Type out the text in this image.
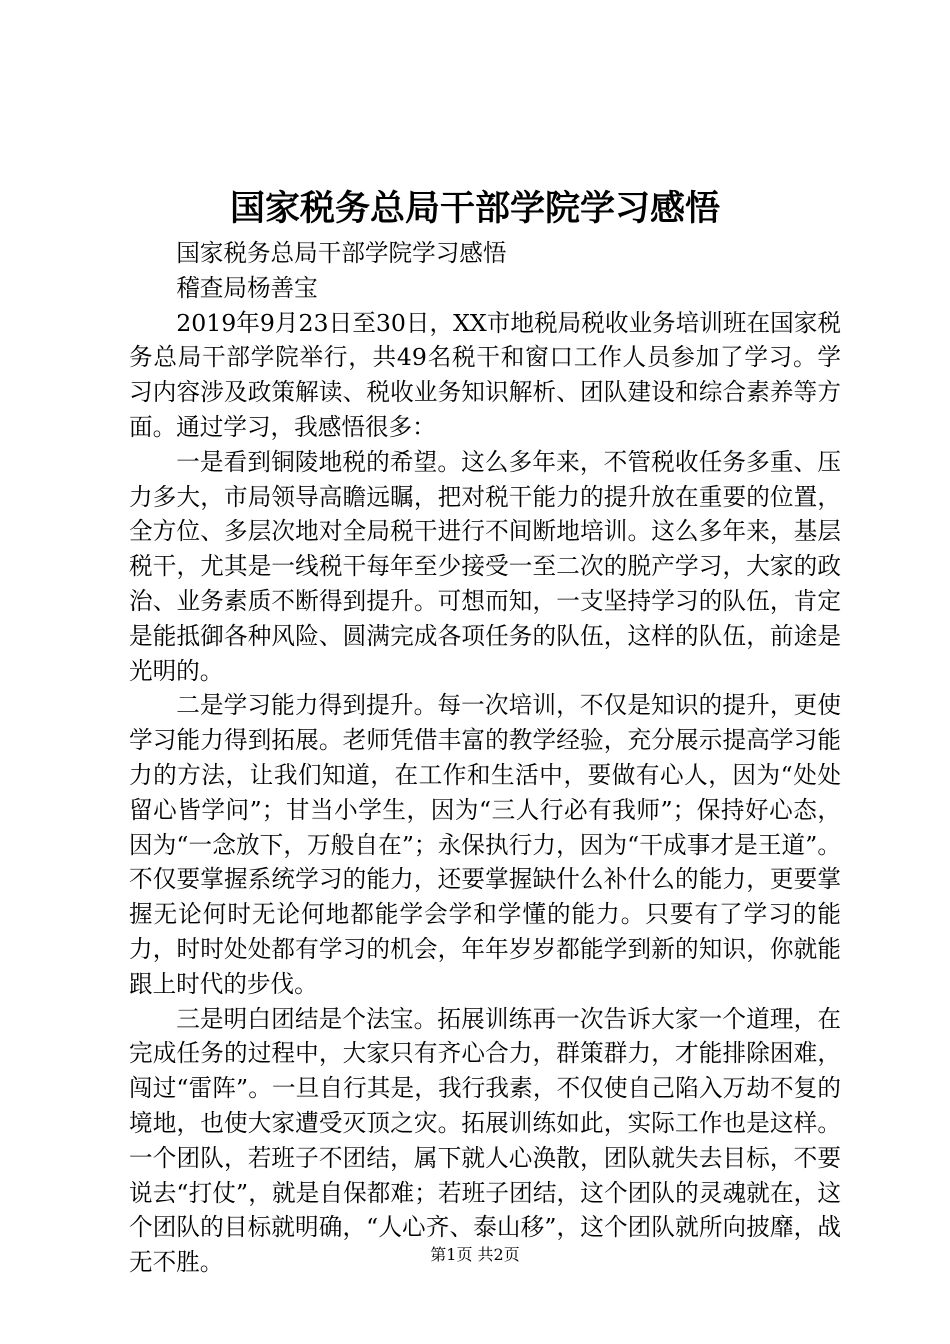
国家税务总局干部学院学习感悟

国家税务总局干部学院学习感悟

稽查局杨善宝

2019年9月23日至30日，XX市地税局税收业务培训班在国家税务总局干部学院举行，共49名税干和窗口工作人员参加了学习。学习内容涉及政策解读、税收业务知识解析、团队建设和综合素养等方面。通过学习，我感悟很多：

一是看到铜陵地税的希望。这么多年来，不管税收任务多重、压力多大，市局领导高瞻远瞩，把对税干能力的提升放在重要的位置，全方位、多层次地对全局税干进行不间断地培训。这么多年来，基层税干，尤其是一线税干每年至少接受一至二次的脱产学习，大家的政治、业务素质不断得到提升。可想而知，一支坚持学习的队伍，肯定是能抵御各种风险、圆满完成各项任务的队伍，这样的队伍，前途是光明的。

二是学习能力得到提升。每一次培训，不仅是知识的提升，更使学习能力得到拓展。老师凭借丰富的教学经验，充分展示提高学习能力的方法，让我们知道，在工作和生活中，要做有心人，因为“处处留心皆学问”；甘当小学生，因为“三人行必有我师”；保持好心态，因为“一念放下，万般自在”；永保执行力，因为“干成事才是王道”。不仅要掌握系统学习的能力，还要掌握缺什么补什么的能力，更要掌握无论何时无论何地都能学会学和学懂的能力。只要有了学习的能力，时时处处都有学习的机会，年年岁岁都能学到新的知识，你就能跟上时代的步伐。

三是明白团结是个法宝。拓展训练再一次告诉大家一个道理，在完成任务的过程中，大家只有齐心合力，群策群力，才能排除困难，闯过“雷阵”。一旦自行其是，我行我素，不仅使自己陷入万劫不复的境地，也使大家遭受灭顶之灾。拓展训练如此，实际工作也是这样。一个团队，若班子不团结，属下就人心涣散，团队就失去目标，不要说去“打仗”，就是自保都难；若班子团结，这个团队的灵魂就在，这个团队的目标就明确，“人心齐、泰山移”，这个团队就所向披靡，战无不胜。	第1页 共2页
